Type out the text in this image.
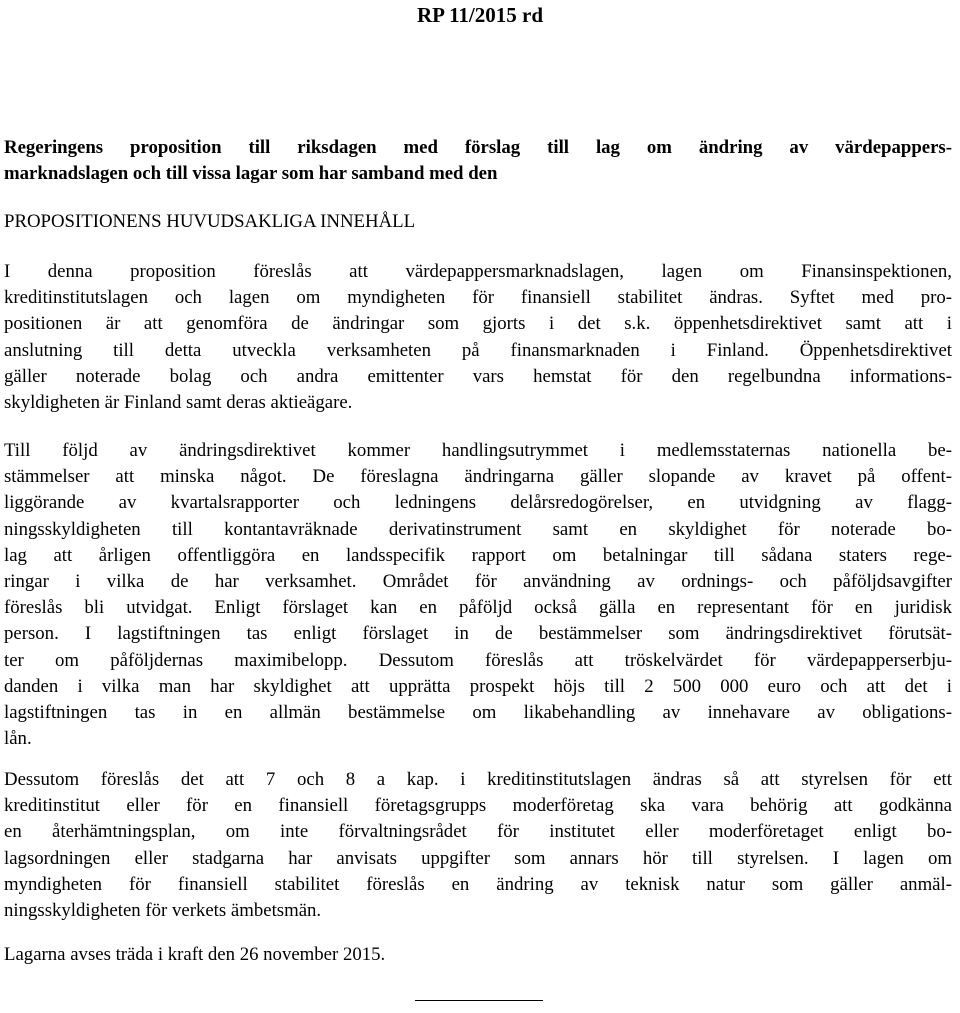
RP 11/2015 rd
Regeringens proposition till riksdagen med förslag till lag om ändring av värdepappers-
marknadslagen och till vissa lagar som har samband med den
PROPOSITIONENS HUVUDSAKLIGA INNEHÅLL
I denna proposition föreslås att värdepappersmarknadslagen, lagen om Finansinspektionen,
kreditinstitutslagen och lagen om myndigheten för finansiell stabilitet ändras. Syftet med pro-
positionen är att genomföra de ändringar som gjorts i det s.k. öppenhetsdirektivet samt att i
anslutning till detta utveckla verksamheten på finansmarknaden i Finland. Öppenhetsdirektivet
gäller noterade bolag och andra emittenter vars hemstat för den regelbundna informations-
skyldigheten är Finland samt deras aktieägare.
Till följd av ändringsdirektivet kommer handlingsutrymmet i medlemsstaternas nationella be-
stämmelser att minska något. De föreslagna ändringarna gäller slopande av kravet på offent-
liggörande av kvartalsrapporter och ledningens delårsredogörelser, en utvidgning av flagg-
ningsskyldigheten till kontantavräknade derivatinstrument samt en skyldighet för noterade bo-
lag att årligen offentliggöra en landsspecifik rapport om betalningar till sådana staters rege-
ringar i vilka de har verksamhet. Området för användning av ordnings- och påföljdsavgifter
föreslås bli utvidgat. Enligt förslaget kan en påföljd också gälla en representant för en juridisk
person. I lagstiftningen tas enligt förslaget in de bestämmelser som ändringsdirektivet förutsät-
ter om påföljdernas maximibelopp. Dessutom föreslås att tröskelvärdet för värdepapperserbju-
danden i vilka man har skyldighet att upprätta prospekt höjs till 2 500 000 euro och att det i
lagstiftningen tas in en allmän bestämmelse om likabehandling av innehavare av obligations-
lån.
Dessutom föreslås det att 7 och 8 a kap. i kreditinstitutslagen ändras så att styrelsen för ett
kreditinstitut eller för en finansiell företagsgrupps moderföretag ska vara behörig att godkänna
en återhämtningsplan, om inte förvaltningsrådet för institutet eller moderföretaget enligt bo-
lagsordningen eller stadgarna har anvisats uppgifter som annars hör till styrelsen. I lagen om
myndigheten för finansiell stabilitet föreslås en ändring av teknisk natur som gäller anmäl-
ningsskyldigheten för verkets ämbetsmän.
Lagarna avses träda i kraft den 26 november 2015.
